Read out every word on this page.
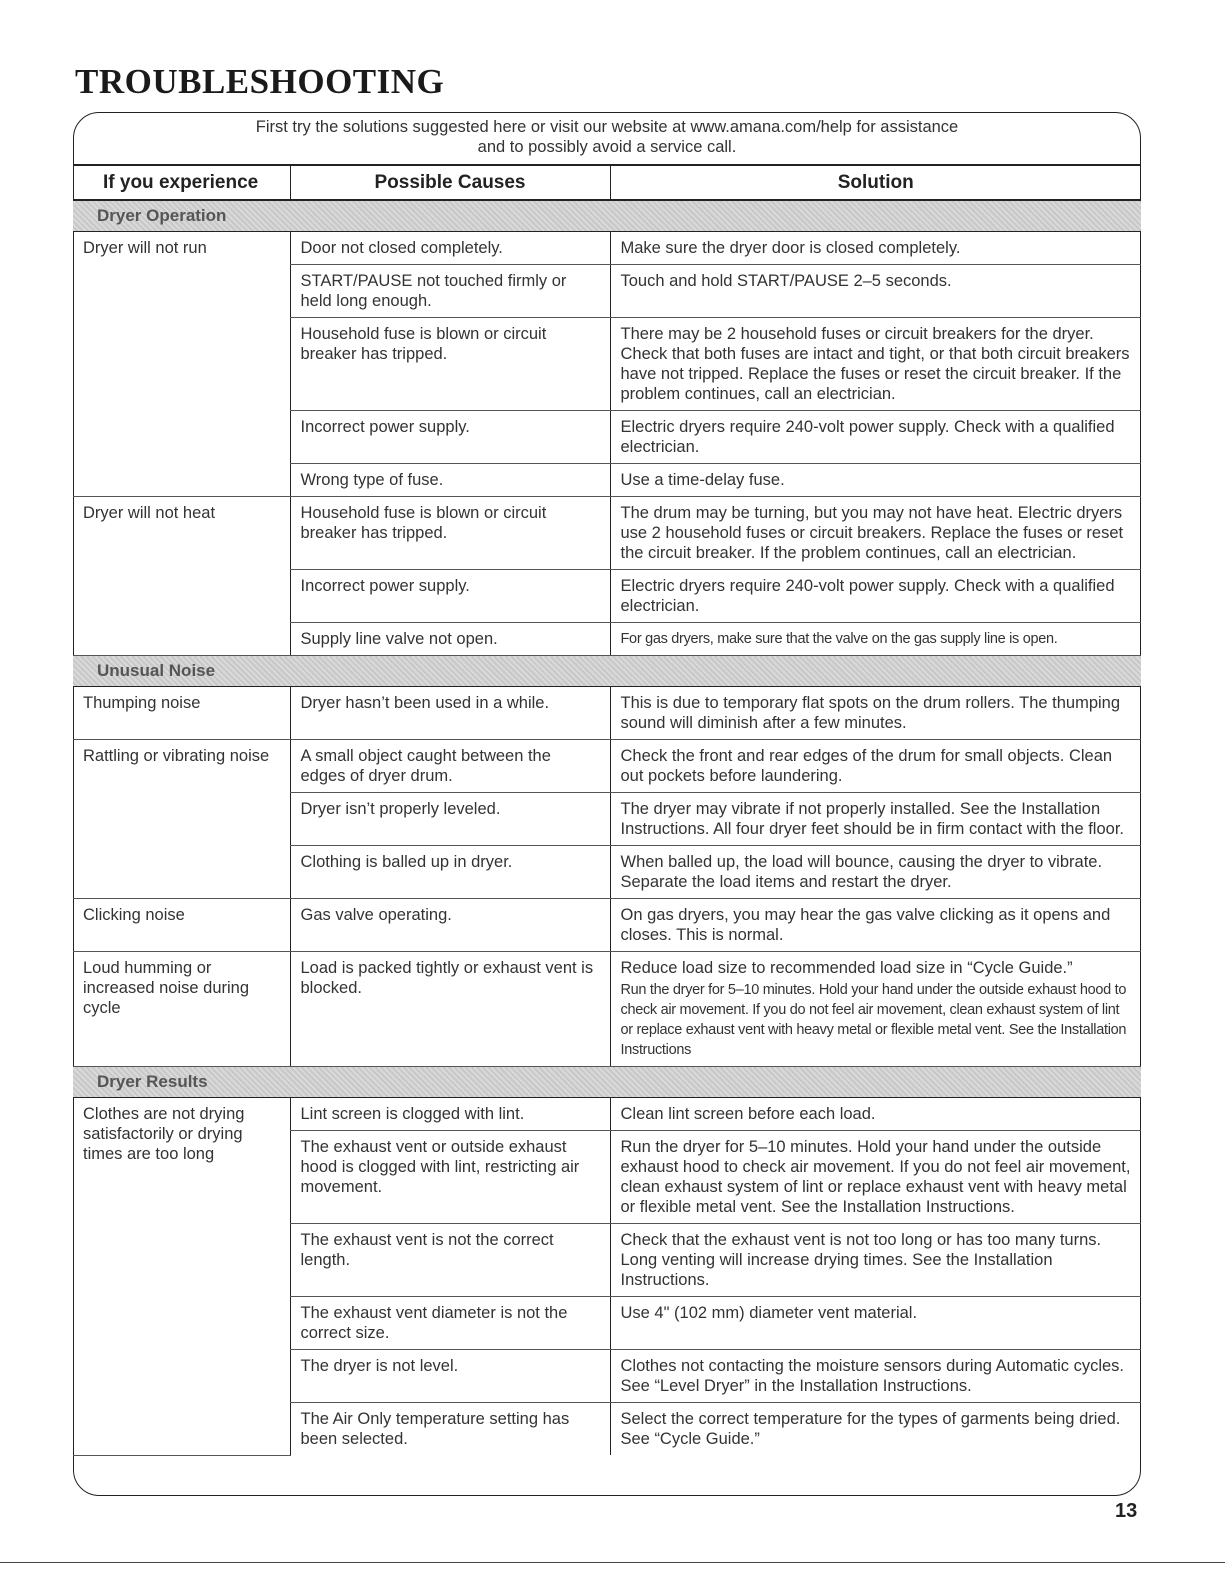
TROUBLESHOOTING
First try the solutions suggested here or visit our website at www.amana.com/help for assistance
and to possibly avoid a service call.
If you experience	Possible Causes	Solution
Dryer Operation		
Dryer will not run	Door not closed completely.	Make sure the dryer door is closed completely.
	START/PAUSE not touched firmly or held long enough.	Touch and hold START/PAUSE 2–5 seconds.
	Household fuse is blown or circuit breaker has tripped.	There may be 2 household fuses or circuit breakers for the dryer. Check that both fuses are intact and tight, or that both circuit breakers have not tripped. Replace the fuses or reset the circuit breaker. If the problem continues, call an electrician.
	Incorrect power supply.	Electric dryers require 240-volt power supply. Check with a qualified electrician.
	Wrong type of fuse.	Use a time-delay fuse.
Dryer will not heat	Household fuse is blown or circuit breaker has tripped.	The drum may be turning, but you may not have heat. Electric dryers use 2 household fuses or circuit breakers. Replace the fuses or reset the circuit breaker. If the problem continues, call an electrician.
	Incorrect power supply.	Electric dryers require 240-volt power supply. Check with a qualified electrician.
	Supply line valve not open.	For gas dryers, make sure that the valve on the gas supply line is open.
Unusual Noise		
Thumping noise	Dryer hasn’t been used in a while.	This is due to temporary flat spots on the drum rollers. The thumping sound will diminish after a few minutes.
Rattling or vibrating noise	A small object caught between the edges of dryer drum.	Check the front and rear edges of the drum for small objects. Clean out pockets before laundering.
	Dryer isn’t properly leveled.	The dryer may vibrate if not properly installed. See the Installation Instructions. All four dryer feet should be in firm contact with the floor.
	Clothing is balled up in dryer.	When balled up, the load will bounce, causing the dryer to vibrate. Separate the load items and restart the dryer.
Clicking noise	Gas valve operating.	On gas dryers, you may hear the gas valve clicking as it opens and closes. This is normal.
Loud humming or increased noise during cycle	Load is packed tightly or exhaust vent is blocked.	Reduce load size to recommended load size in “Cycle Guide.”

Run the dryer for 5–10 minutes. Hold your hand under the outside exhaust hood to check air movement. If you do not feel air movement, clean exhaust system of lint or replace exhaust vent with heavy metal or flexible metal vent. See the Installation Instructions

Dryer Results		
Clothes are not drying satisfactorily or drying times are too long	Lint screen is clogged with lint.	Clean lint screen before each load.
	The exhaust vent or outside exhaust hood is clogged with lint, restricting air movement.	Run the dryer for 5–10 minutes. Hold your hand under the outside exhaust hood to check air movement. If you do not feel air movement, clean exhaust system of lint or replace exhaust vent with heavy metal or flexible metal vent. See the Installation Instructions.
	The exhaust vent is not the correct length.	Check that the exhaust vent is not too long or has too many turns. Long venting will increase drying times. See the Installation Instructions.
	The exhaust vent diameter is not the correct size.	Use 4" (102 mm) diameter vent material.
	The dryer is not level.	Clothes not contacting the moisture sensors during Automatic cycles. See “Level Dryer” in the Installation Instructions.
	The Air Only temperature setting has been selected.	Select the correct temperature for the types of garments being dried. See “Cycle Guide.”
13
